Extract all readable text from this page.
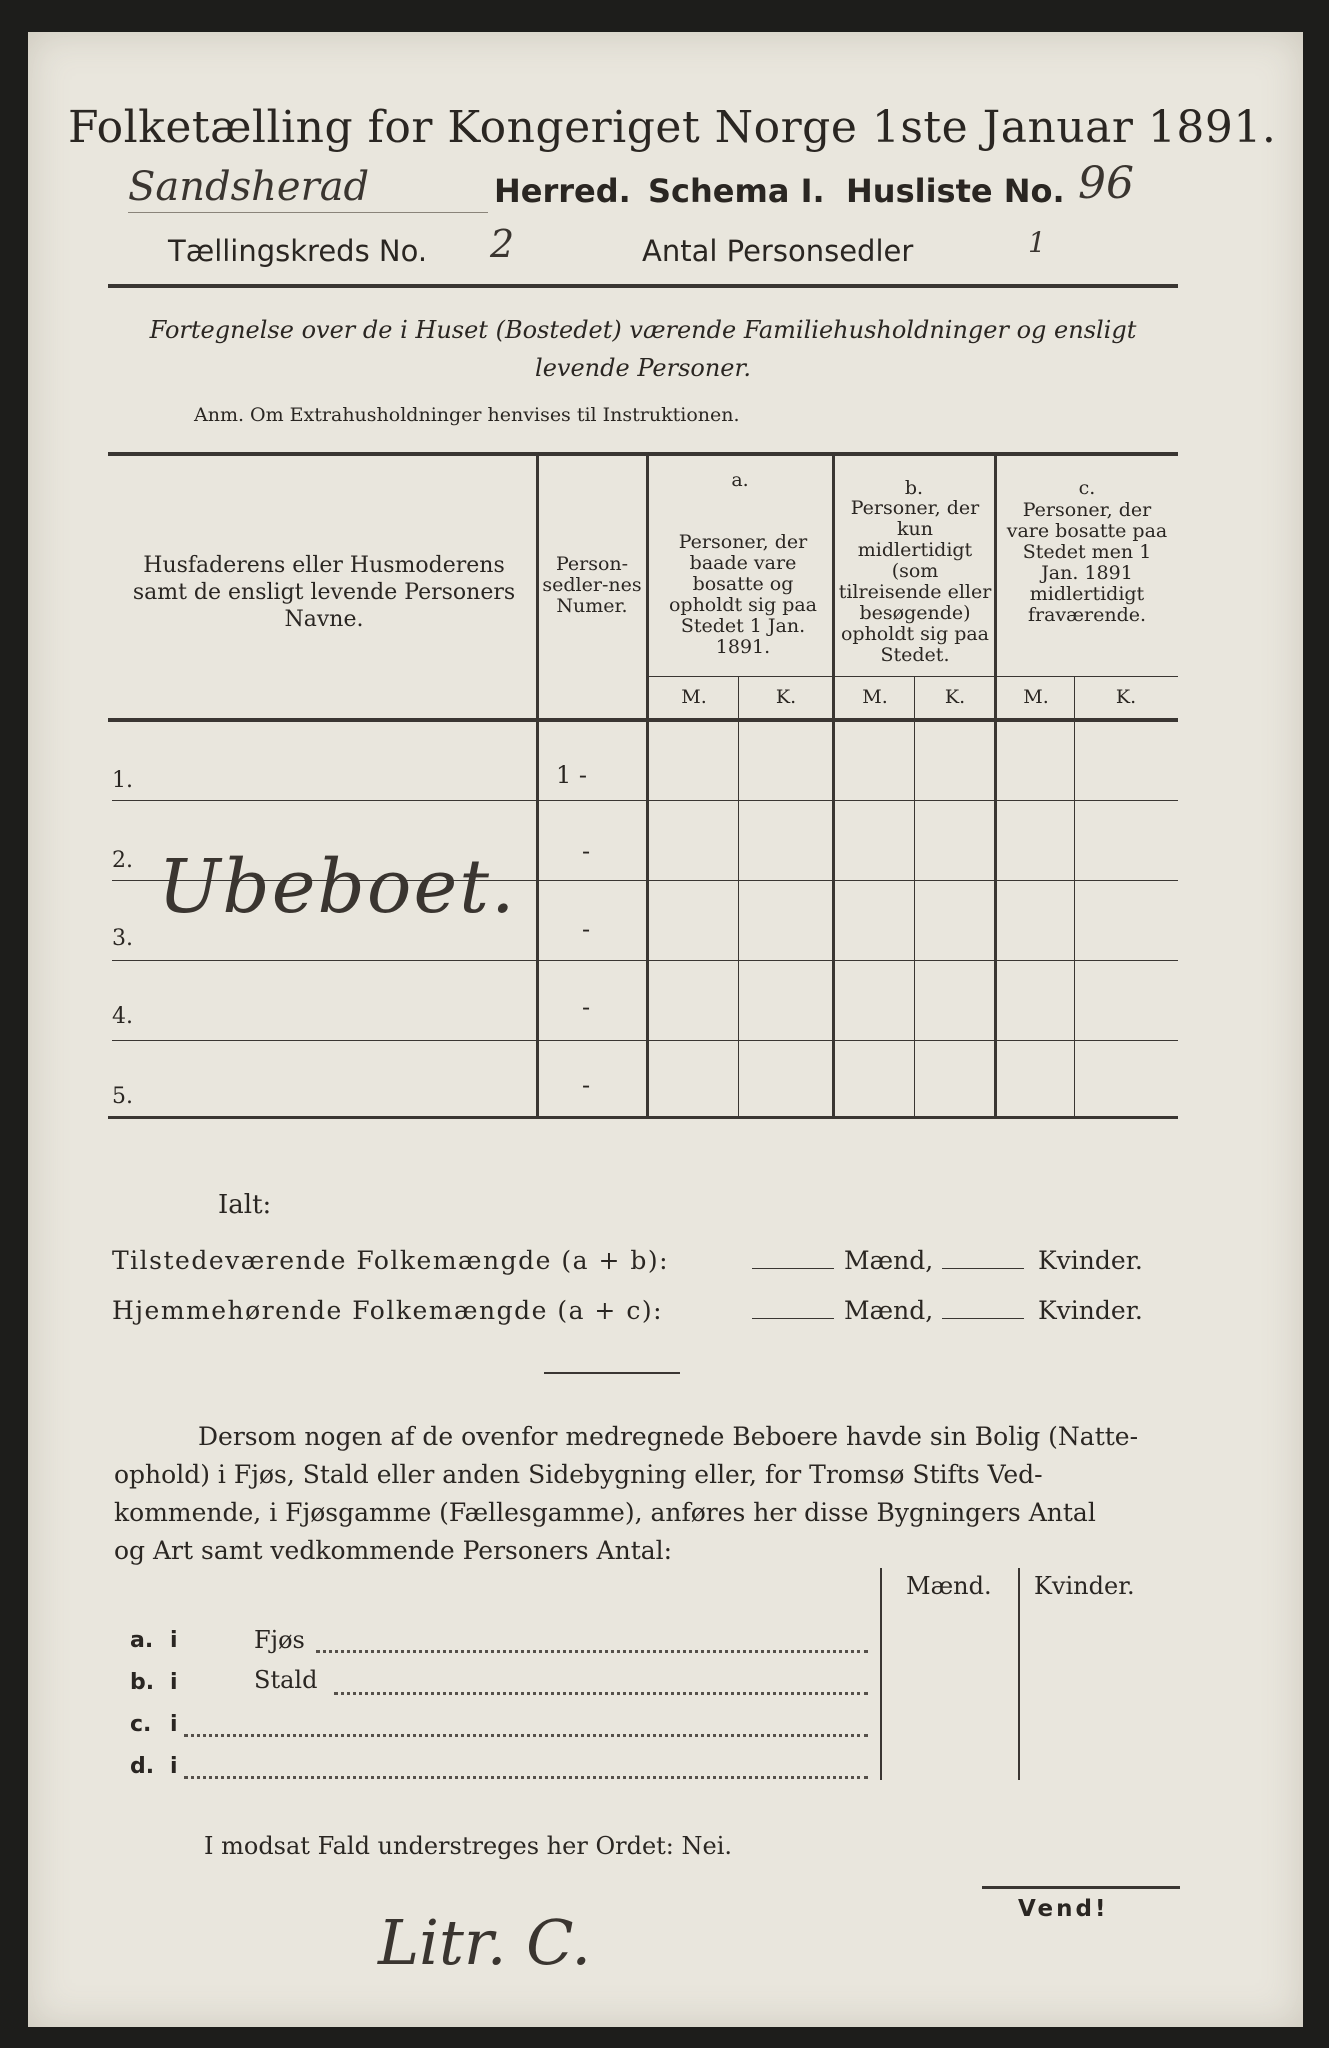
Folketælling for Kongeriget Norge 1ste Januar 1891.
Sandsherad	Herred. Schema I. Husliste No. 96
Tællingskreds No. 2	Antal Personsedler	1
Fortegnelse over de i Huset (Bostedet) værende Familiehusholdninger og ensligt
levende Personer.
Anm. Om Extrahusholdninger henvises til Instruktionen.
Husfaderens eller Husmoderens samt de ensligt levende Personers Navne.
Person-sedler-nes Numer.
a.
Personer, der baade vare bosatte og opholdt sig paa Stedet 1 Jan. 1891.
b.
Personer, der kun midlertidigt (som tilreisende eller besøgende) opholdt sig paa Stedet.
c.
Personer, der vare bosatte paa Stedet men 1 Jan. 1891 midlertidigt fraværende.
M.	K.	M.	K.	M.	K.
1.	1 -
2.	-
3.	-
4.	-
5.	-
Ubeboet.
Ialt:
Tilstedeværende Folkemængde (a + b):	Mænd,	Kvinder.
Hjemmehørende Folkemængde (a + c):	Mænd,	Kvinder.
Dersom nogen af de ovenfor medregnede Beboere havde sin Bolig (Natte-
ophold) i Fjøs, Stald eller anden Sidebygning eller, for Tromsø Stifts Ved-
kommende, i Fjøsgamme (Fællesgamme), anføres her disse Bygningers Antal
og Art samt vedkommende Personers Antal:
Mænd. Kvinder.
a. i	Fjøs
b. i	Stald
c. i
d. i
I modsat Fald understreges her Ordet: Nei.
Vend!
Litr. C.
